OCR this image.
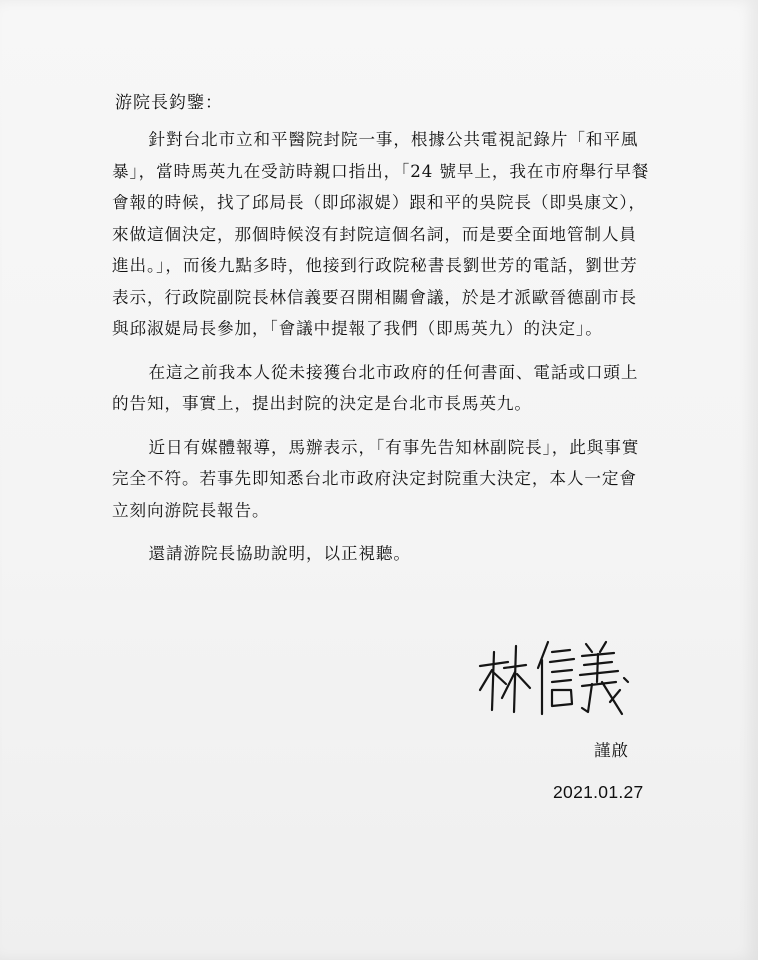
游院長鈞鑒：

針對台北市立和平醫院封院一事，根據公共電視記錄片「和平風暴」，當時馬英九在受訪時親口指出，「24 號早上，我在市府舉行早餐會報的時候，找了邱局長（即邱淑媞）跟和平的吳院長（即吳康文），來做這個決定，那個時候沒有封院這個名詞，而是要全面地管制人員進出。」，而後九點多時，他接到行政院秘書長劉世芳的電話，劉世芳表示，行政院副院長林信義要召開相關會議，於是才派歐晉德副市長與邱淑媞局長參加，「會議中提報了我們（即馬英九）的決定」。

在這之前我本人從未接獲台北市政府的任何書面、電話或口頭上的告知，事實上，提出封院的決定是台北市長馬英九。

近日有媒體報導，馬辦表示，「有事先告知林副院長」，此與事實完全不符。若事先即知悉台北市政府決定封院重大決定，本人一定會立刻向游院長報告。

還請游院長協助說明，以正視聽。

謹啟
2021.01.27
